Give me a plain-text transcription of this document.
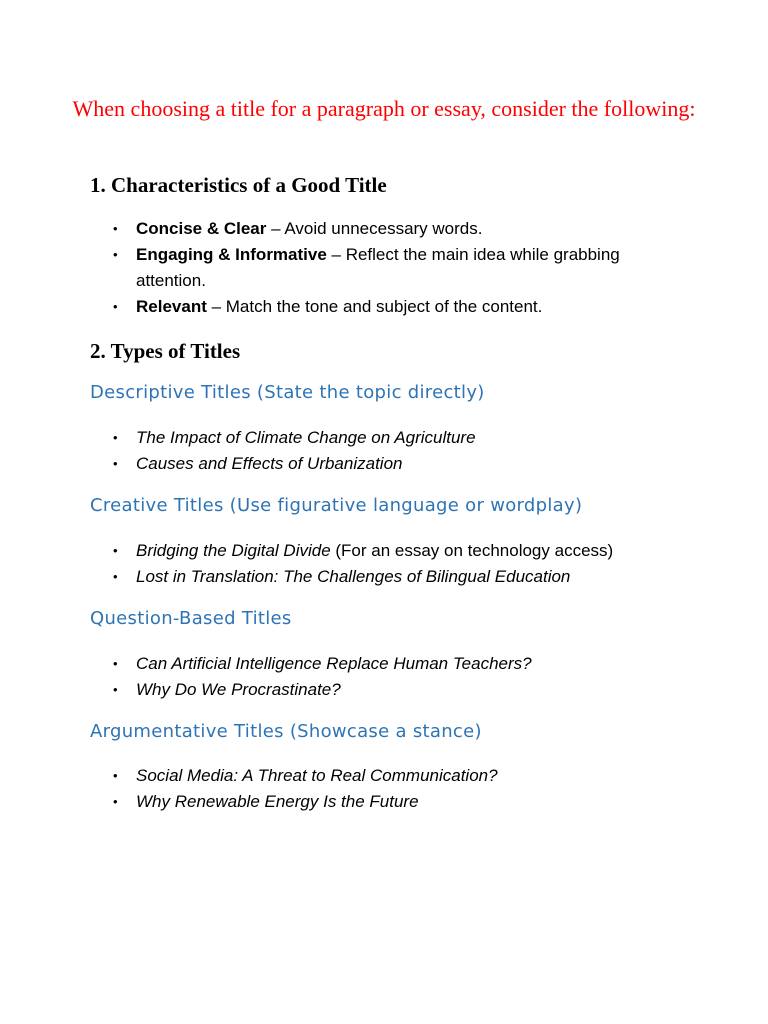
When choosing a title for a paragraph or essay, consider the following:
1. Characteristics of a Good Title
• Concise & Clear – Avoid unnecessary words.
• Engaging & Informative – Reflect the main idea while grabbing attention.
• Relevant – Match the tone and subject of the content.
2. Types of Titles
Descriptive Titles (State the topic directly)
• The Impact of Climate Change on Agriculture
• Causes and Effects of Urbanization
Creative Titles (Use figurative language or wordplay)
• Bridging the Digital Divide (For an essay on technology access)
• Lost in Translation: The Challenges of Bilingual Education
Question-Based Titles
• Can Artificial Intelligence Replace Human Teachers?
• Why Do We Procrastinate?
Argumentative Titles (Showcase a stance)
• Social Media: A Threat to Real Communication?
• Why Renewable Energy Is the Future
